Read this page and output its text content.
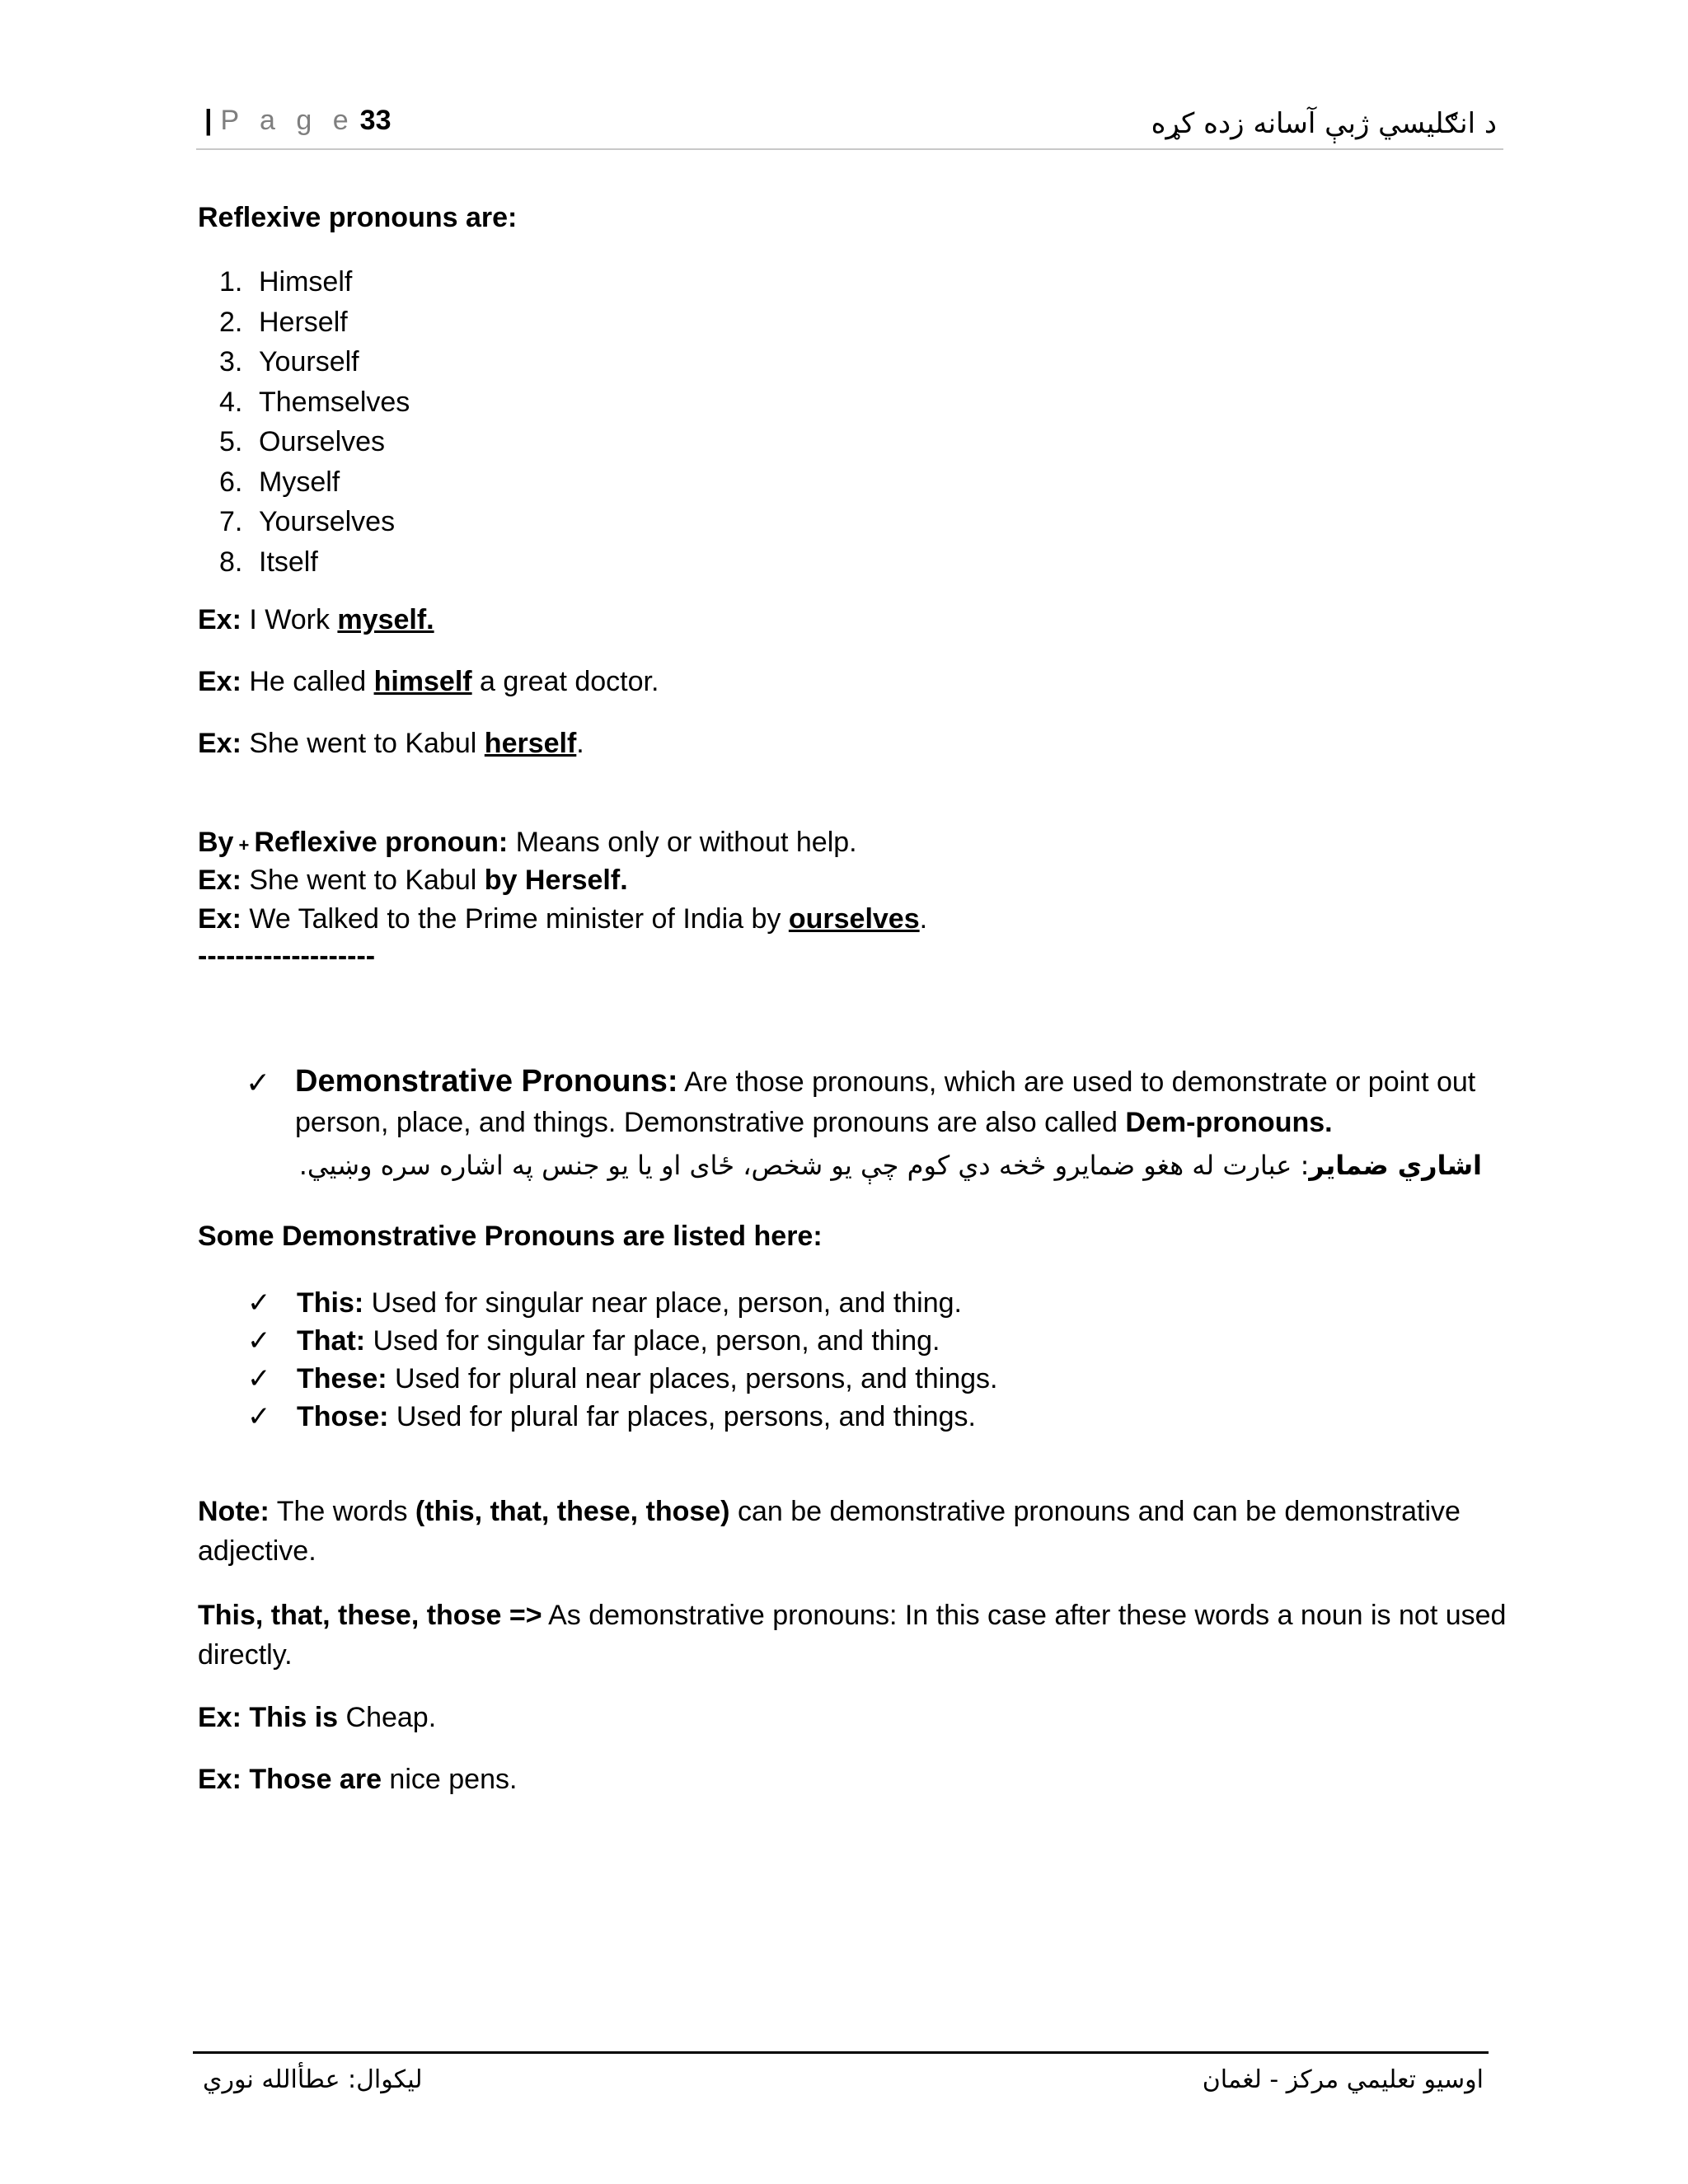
| P a g e 33	د انګليسي ژبې آسانه زده کړه
Reflexive pronouns are:
1. Himself
2. Herself
3. Yourself
4. Themselves
5. Ourselves
6. Myself
7. Yourselves
8. Itself
Ex: I Work myself.
Ex: He called himself a great doctor.
Ex: She went to Kabul herself.
By + Reflexive pronoun: Means only or without help.
Ex: She went to Kabul by Herself.
Ex: We Talked to the Prime minister of India by ourselves.
-------------------
✓ Demonstrative Pronouns: Are those pronouns, which are used to demonstrate or point out
person, place, and things. Demonstrative pronouns are also called Dem-pronouns.
اشاري ضماير: عبارت له هغو ضمايرو څخه دي کوم چې يو شخص، ځاى او يا يو جنس په اشاره سره وښيي.
Some Demonstrative Pronouns are listed here:
✓ This: Used for singular near place, person, and thing.
✓ That: Used for singular far place, person, and thing.
✓ These: Used for plural near places, persons, and things.
✓ Those: Used for plural far places, persons, and things.
Note: The words (this, that, these, those) can be demonstrative pronouns and can be demonstrative
adjective.
This, that, these, those => As demonstrative pronouns: In this case after these words a noun is not used
directly.
Ex: This is Cheap.
Ex: Those are nice pens.
ليکوال: عطأالله نوري	اوسيو تعليمي مرکز - لغمان
